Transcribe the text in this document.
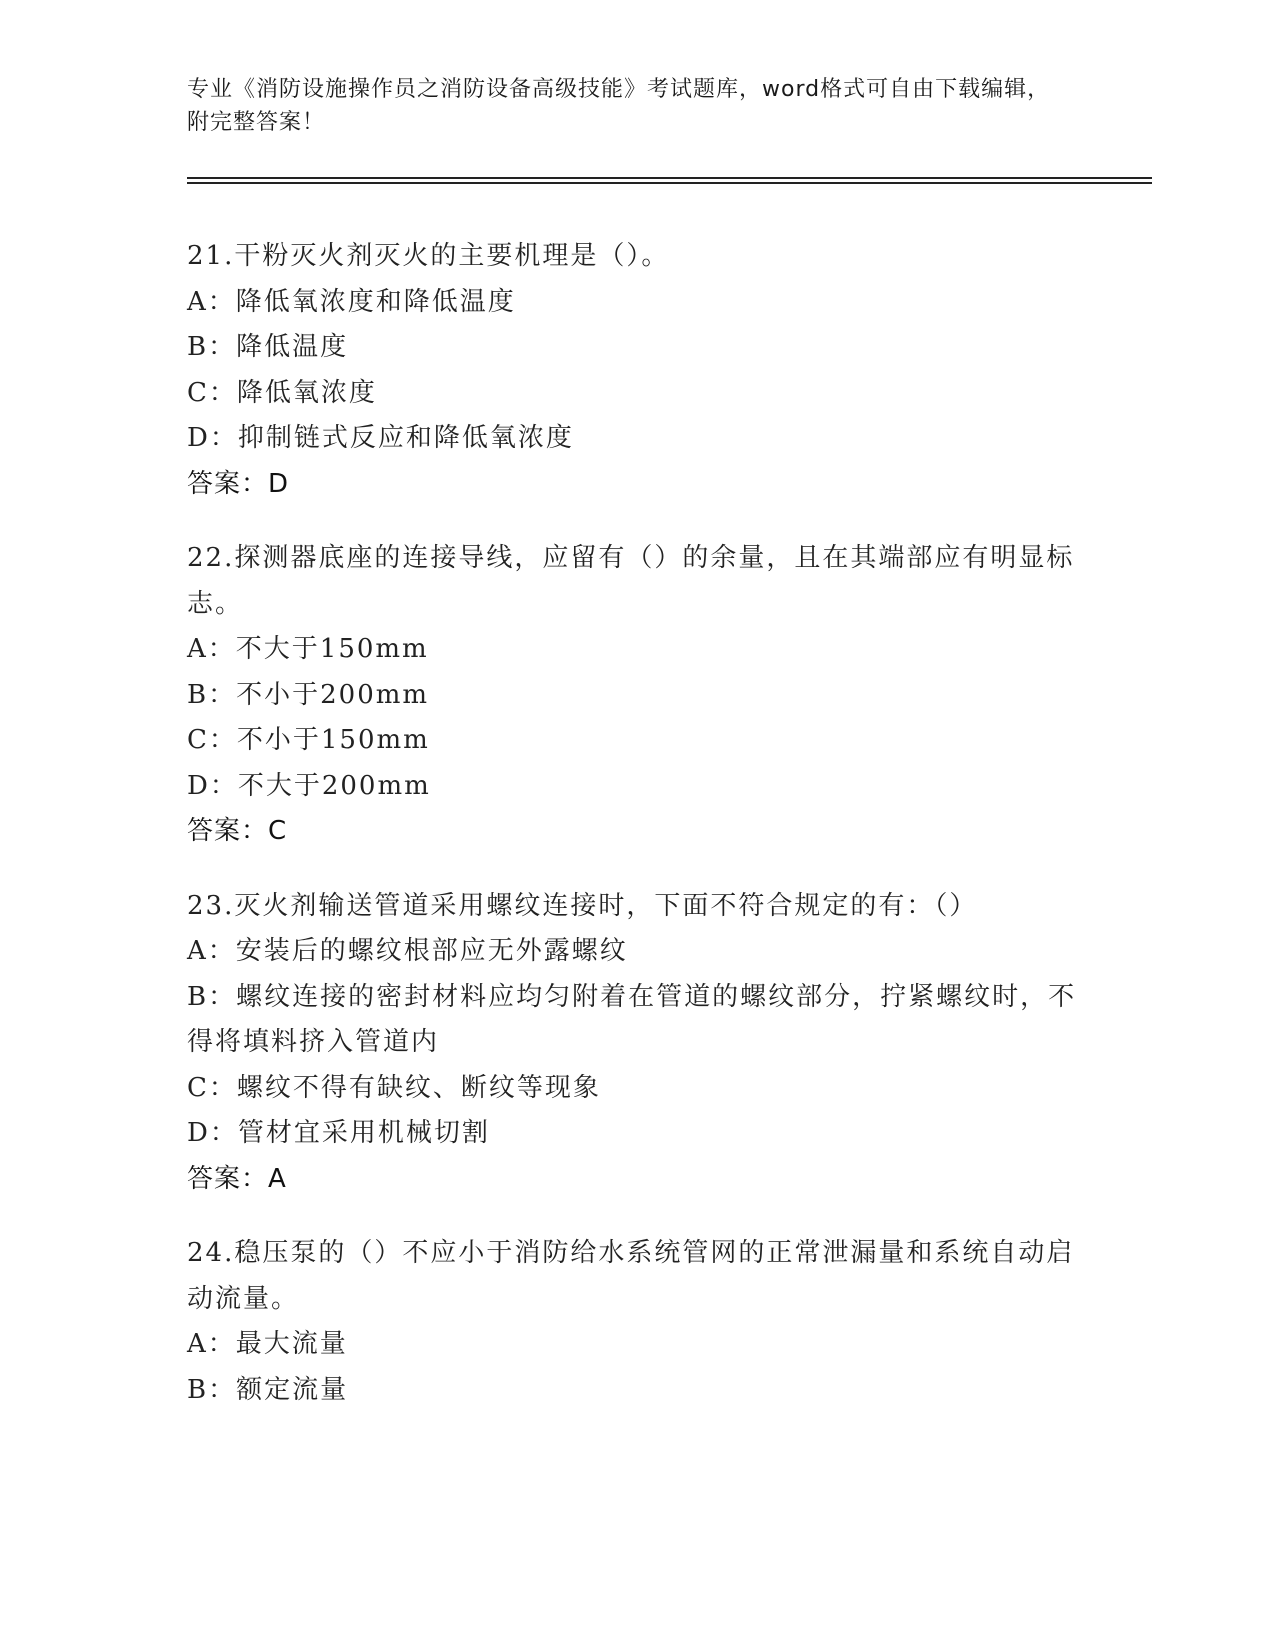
专业《消防设施操作员之消防设备高级技能》考试题库，word格式可自由下载编辑，附完整答案！
21.干粉灭火剂灭火的主要机理是（）。
A：降低氧浓度和降低温度
B：降低温度
C：降低氧浓度
D：抑制链式反应和降低氧浓度
答案：D
22.探测器底座的连接导线，应留有（）的余量，且在其端部应有明显标志。
A：不大于150mm
B：不小于200mm
C：不小于150mm
D：不大于200mm
答案：C
23.灭火剂输送管道采用螺纹连接时，下面不符合规定的有：（）
A：安装后的螺纹根部应无外露螺纹
B：螺纹连接的密封材料应均匀附着在管道的螺纹部分，拧紧螺纹时，不得将填料挤入管道内
C：螺纹不得有缺纹、断纹等现象
D：管材宜采用机械切割
答案：A
24.稳压泵的（）不应小于消防给水系统管网的正常泄漏量和系统自动启动流量。
A：最大流量
B：额定流量
